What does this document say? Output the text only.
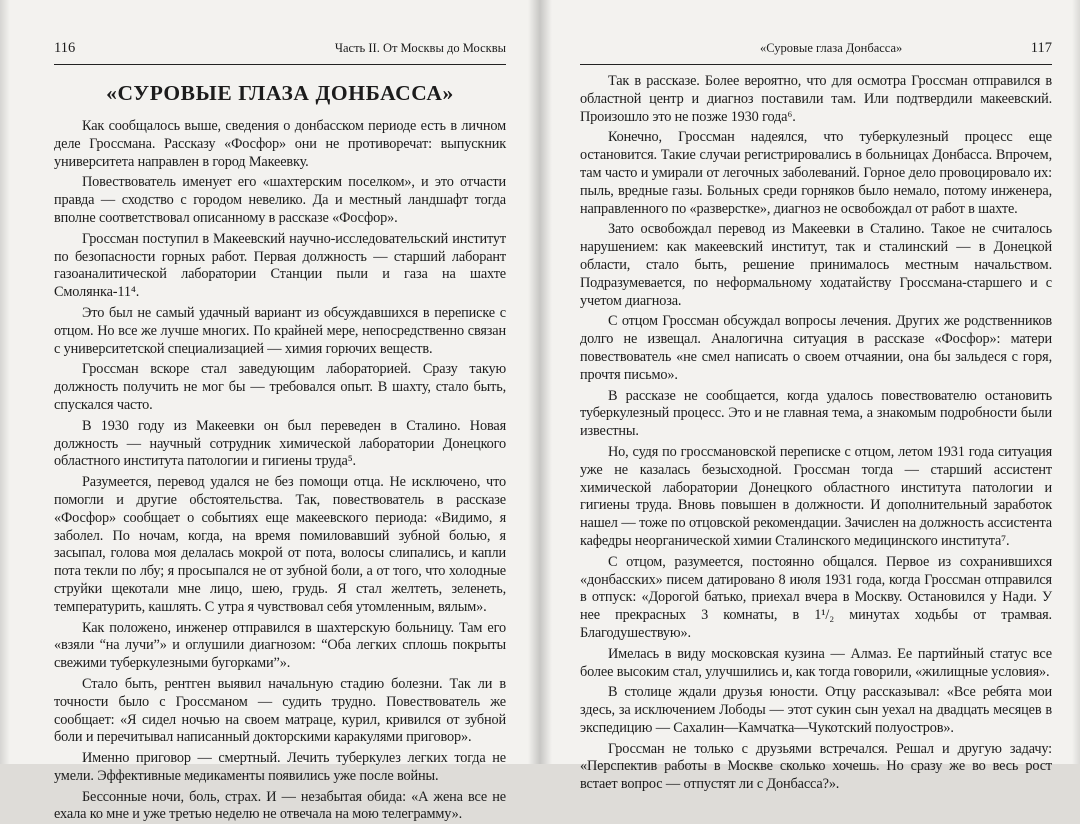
116	Часть II. От Москвы до Москвы
«СУРОВЫЕ ГЛАЗА ДОНБАССА»

Как сообщалось выше, сведения о донбасском периоде есть в личном деле Гроссмана. Рассказу «Фосфор» они не противоречат: выпускник университета направлен в город Макеевку.

Повествователь именует его «шахтерским поселком», и это отчасти правда — сходство с городом невелико. Да и местный ландшафт тогда вполне соответствовал описанному в рассказе «Фосфор».

Гроссман поступил в Макеевский научно-исследовательский институт по безопасности горных работ. Первая должность — старший лаборант газоаналитической лаборатории Станции пыли и газа на шахте Смолянка-11⁴.

Это был не самый удачный вариант из обсуждавшихся в переписке с отцом. Но все же лучше многих. По крайней мере, непосредственно связан с университетской специализацией — химия горючих веществ.

Гроссман вскоре стал заведующим лабораторией. Сразу такую должность получить не мог бы — требовался опыт. В шахту, стало быть, спускался часто.

В 1930 году из Макеевки он был переведен в Сталино. Новая должность — научный сотрудник химической лаборатории Донецкого областного института патологии и гигиены труда⁵.

Разумеется, перевод удался не без помощи отца. Не исключено, что помогли и другие обстоятельства. Так, повествователь в рассказе «Фосфор» сообщает о событиях еще макеевского периода: «Видимо, я заболел. По ночам, когда, на время помиловавший зубной болью, я засыпал, голова моя делалась мокрой от пота, волосы слипались, и капли пота текли по лбу; я просыпался не от зубной боли, а от того, что холодные струйки щекотали мне лицо, шею, грудь. Я стал желтеть, зеленеть, температурить, кашлять. С утра я чувствовал себя утомленным, вялым».

Как положено, инженер отправился в шахтерскую больницу. Там его «взяли “на лучи”» и оглушили диагнозом: “Оба легких сплошь покрыты свежими туберкулезными бугорками”».

Стало быть, рентген выявил начальную стадию болезни. Так ли в точности было с Гроссманом — судить трудно. Повествователь же сообщает: «Я сидел ночью на своем матраце, курил, кривился от зубной боли и перечитывал написанный докторскими каракулями приговор».

Именно приговор — смертный. Лечить туберкулез легких тогда не умели. Эффективные медикаменты появились уже после войны.

Бессонные ночи, боль, страх. И — незабытая обида: «А жена все не ехала ко мне и уже третью неделю не отвечала на мою телеграмму».

«Суровые глаза Донбасса»	117

Так в рассказе. Более вероятно, что для осмотра Гроссман отправился в областной центр и диагноз поставили там. Или подтвердили макеевский. Произошло это не позже 1930 года⁶.

Конечно, Гроссман надеялся, что туберкулезный процесс еще остановится. Такие случаи регистрировались в больницах Донбасса. Впрочем, там часто и умирали от легочных заболеваний. Горное дело провоцировало их: пыль, вредные газы. Больных среди горняков было немало, потому инженера, направленного по «разверстке», диагноз не освобождал от работ в шахте.

Зато освобождал перевод из Макеевки в Сталино. Такое не считалось нарушением: как макеевский институт, так и сталинский — в Донецкой области, стало быть, решение принималось местным начальством. Подразумевается, по неформальному ходатайству Гроссмана-старшего и с учетом диагноза.

С отцом Гроссман обсуждал вопросы лечения. Других же родственников долго не извещал. Аналогична ситуация в рассказе «Фосфор»: матери повествователь «не смел написать о своем отчаянии, она бы зальдеся с горя, прочтя письмо».

В рассказе не сообщается, когда удалось повествователю остановить туберкулезный процесс. Это и не главная тема, а знакомым подробности были известны.

Но, судя по гроссмановской переписке с отцом, летом 1931 года ситуация уже не казалась безысходной. Гроссман тогда — старший ассистент химической лаборатории Донецкого областного института патологии и гигиены труда. Вновь повышен в должности. И дополнительный заработок нашел — тоже по отцовской рекомендации. Зачислен на должность ассистента кафедры неорганической химии Сталинского медицинского института⁷.

С отцом, разумеется, постоянно общался. Первое из сохранившихся «донбасских» писем датировано 8 июля 1931 года, когда Гроссман отправился в отпуск: «Дорогой батько, приехал вчера в Москву. Остановился у Нади. У нее прекрасных 3 комнаты, в 1¹/₂ минутах ходьбы от трамвая. Благодушествую».

Имелась в виду московская кузина — Алмаз. Ее партийный статус все более высоким стал, улучшились и, как тогда говорили, «жилищные условия».

В столице ждали друзья юности. Отцу рассказывал: «Все ребята мои здесь, за исключением Лободы — этот сукин сын уехал на двадцать месяцев в экспедицию — Сахалин—Камчатка—Чукотский полуостров».

Гроссман не только с друзьями встречался. Решал и другую задачу: «Перспектив работы в Москве сколько хочешь. Но сразу же во весь рост встает вопрос — отпустят ли с Донбасса?».
